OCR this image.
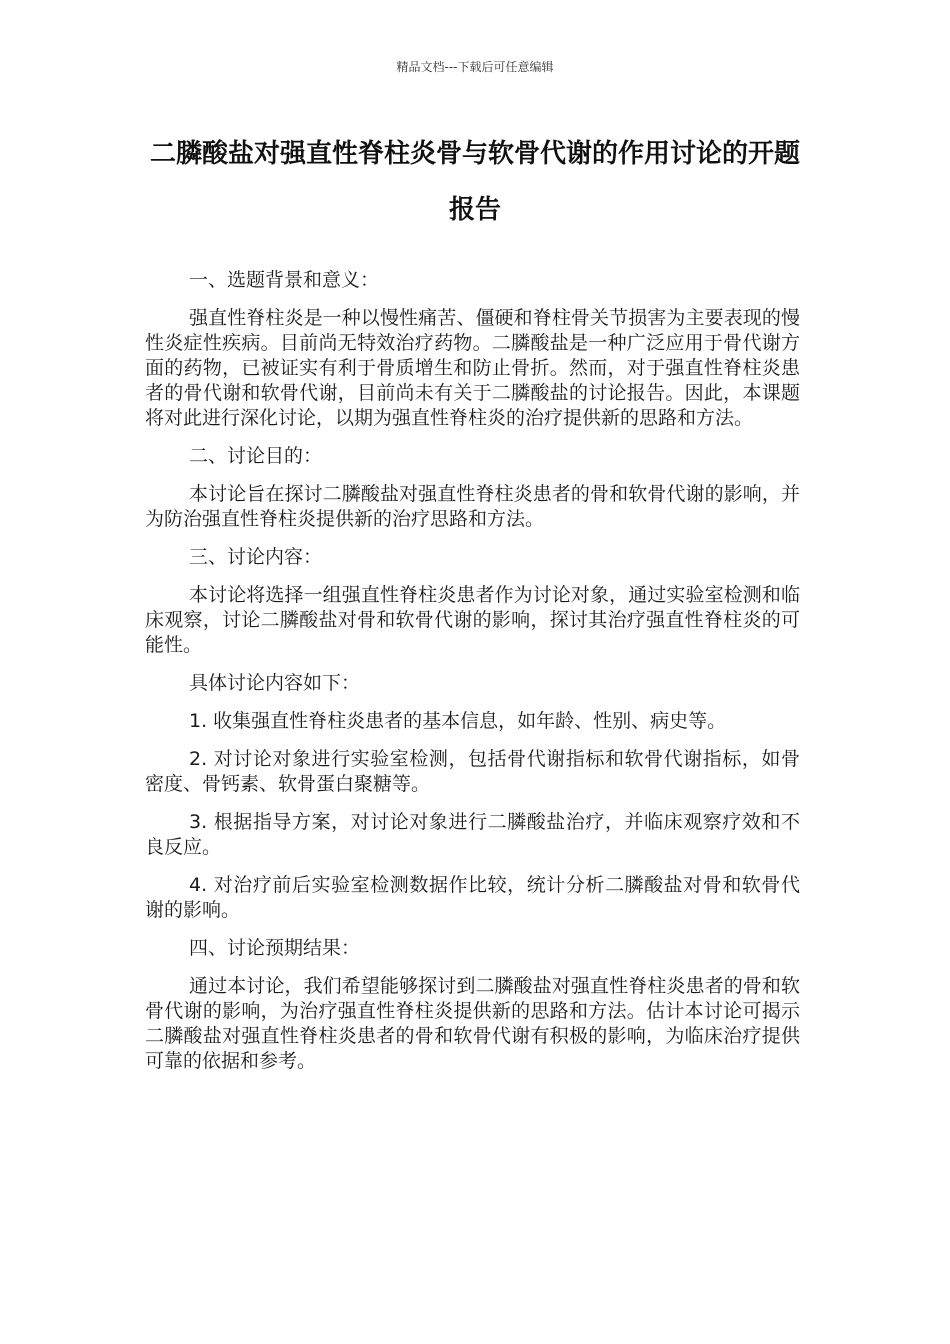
精品文档---下载后可任意编辑
二膦酸盐对强直性脊柱炎骨与软骨代谢的作用讨论的开题报告

一、选题背景和意义：

强直性脊柱炎是一种以慢性痛苦、僵硬和脊柱骨关节损害为主要表现的慢性炎症性疾病。目前尚无特效治疗药物。二膦酸盐是一种广泛应用于骨代谢方面的药物，已被证实有利于骨质增生和防止骨折。然而，对于强直性脊柱炎患者的骨代谢和软骨代谢，目前尚未有关于二膦酸盐的讨论报告。因此，本课题将对此进行深化讨论，以期为强直性脊柱炎的治疗提供新的思路和方法。

二、讨论目的：

本讨论旨在探讨二膦酸盐对强直性脊柱炎患者的骨和软骨代谢的影响，并为防治强直性脊柱炎提供新的治疗思路和方法。

三、讨论内容：

本讨论将选择一组强直性脊柱炎患者作为讨论对象，通过实验室检测和临床观察，讨论二膦酸盐对骨和软骨代谢的影响，探讨其治疗强直性脊柱炎的可能性。

具体讨论内容如下：

1. 收集强直性脊柱炎患者的基本信息，如年龄、性别、病史等。

2. 对讨论对象进行实验室检测，包括骨代谢指标和软骨代谢指标，如骨密度、骨钙素、软骨蛋白聚糖等。

3. 根据指导方案，对讨论对象进行二膦酸盐治疗，并临床观察疗效和不良反应。

4. 对治疗前后实验室检测数据作比较，统计分析二膦酸盐对骨和软骨代谢的影响。

四、讨论预期结果：

通过本讨论，我们希望能够探讨到二膦酸盐对强直性脊柱炎患者的骨和软骨代谢的影响，为治疗强直性脊柱炎提供新的思路和方法。估计本讨论可揭示二膦酸盐对强直性脊柱炎患者的骨和软骨代谢有积极的影响，为临床治疗提供可靠的依据和参考。
